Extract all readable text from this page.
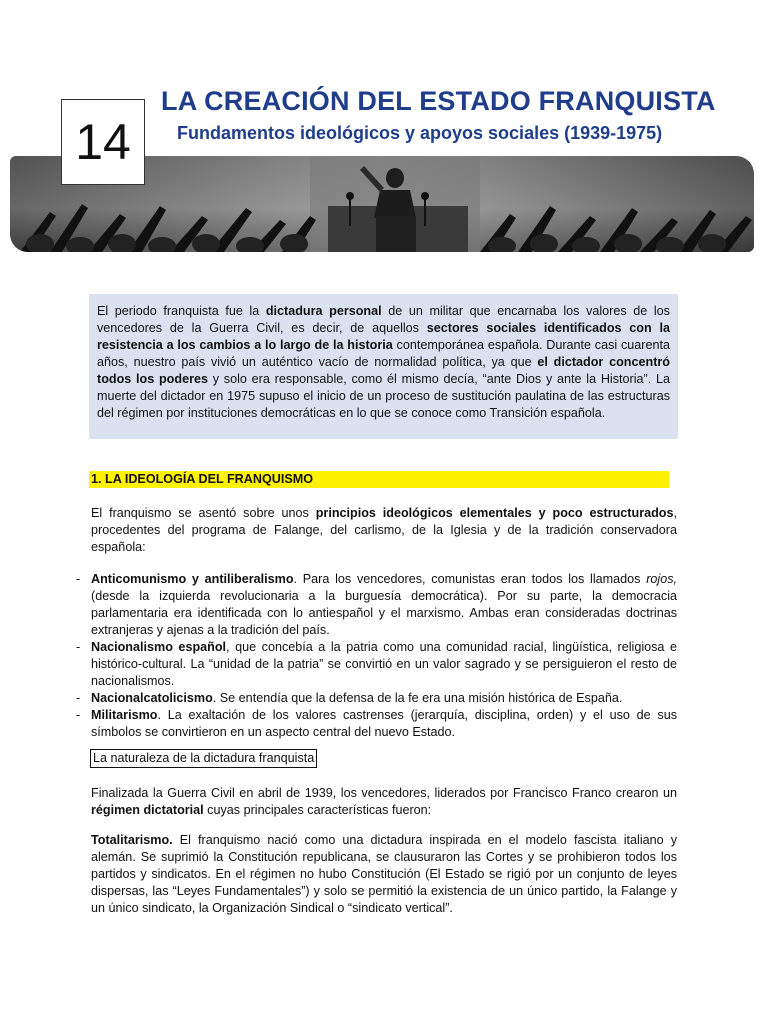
14
LA CREACIÓN DEL ESTADO FRANQUISTA
Fundamentos ideológicos y apoyos sociales (1939-1975)
El periodo franquista fue la dictadura personal de un militar que encarnaba los valores de los vencedores de la Guerra Civil, es decir, de aquellos sectores sociales identificados con la resistencia a los cambios a lo largo de la historia contemporánea española. Durante casi cuarenta años, nuestro país vivió un auténtico vacío de normalidad política, ya que el dictador concentró todos los poderes y solo era responsable, como él mismo decía, “ante Dios y ante la Historia”. La muerte del dictador en 1975 supuso el inicio de un proceso de sustitución paulatina de las estructuras del régimen por instituciones democráticas en lo que se conoce como Transición española.
1. LA IDEOLOGÍA DEL FRANQUISMO
El franquismo se asentó sobre unos principios ideológicos elementales y poco estructurados, procedentes del programa de Falange, del carlismo, de la Iglesia y de la tradición conservadora española:
- Anticomunismo y antiliberalismo. Para los vencedores, comunistas eran todos los llamados rojos, (desde la izquierda revolucionaria a la burguesía democrática). Por su parte, la democracia parlamentaria era identificada con lo antiespañol y el marxismo. Ambas eran consideradas doctrinas extranjeras y ajenas a la tradición del país.
- Nacionalismo español, que concebía a la patria como una comunidad racial, lingüística, religiosa e histórico-cultural. La “unidad de la patria” se convirtió en un valor sagrado y se persiguieron el resto de nacionalismos.
- Nacionalcatolicismo. Se entendía que la defensa de la fe era una misión histórica de España.
- Militarismo. La exaltación de los valores castrenses (jerarquía, disciplina, orden) y el uso de sus símbolos se convirtieron en un aspecto central del nuevo Estado.
La naturaleza de la dictadura franquista
Finalizada la Guerra Civil en abril de 1939, los vencedores, liderados por Francisco Franco crearon un régimen dictatorial cuyas principales características fueron:
Totalitarismo. El franquismo nació como una dictadura inspirada en el modelo fascista italiano y alemán. Se suprimió la Constitución republicana, se clausuraron las Cortes y se prohibieron todos los partidos y sindicatos. En el régimen no hubo Constitución (El Estado se rigió por un conjunto de leyes dispersas, las “Leyes Fundamentales”) y solo se permitió la existencia de un único partido, la Falange y un único sindicato, la Organización Sindical o “sindicato vertical”.
